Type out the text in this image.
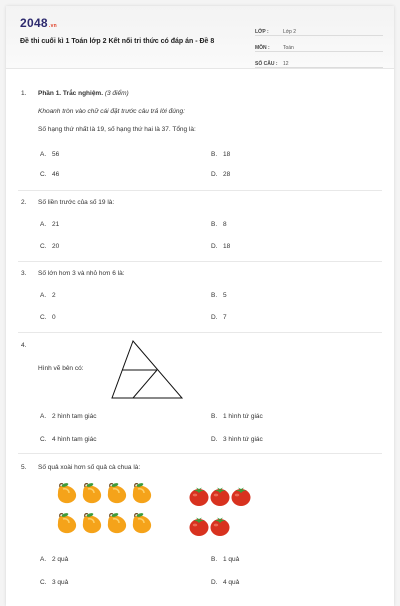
2048.vn
Đề thi cuối kì 1 Toán lớp 2 Kết nối tri thức có đáp án - Đề 8
LỚP :	Lớp 2
MÔN :	Toán
SỐ CÂU :	12
1. Phần 1. Trắc nghiệm. (3 điểm)
Khoanh tròn vào chữ cái đặt trước câu trả lời đúng:
Số hạng thứ nhất là 19, số hạng thứ hai là 37. Tổng là:
A. 56	B. 18
C. 46	D. 28
2. Số liền trước của số 19 là:
A. 21	B. 8
C. 20	D. 18
3. Số lớn hơn 3 và nhỏ hơn 6 là:
A. 2	B. 5
C. 0	D. 7
4.
Hình vẽ bên có:
A. 2 hình tam giác	B. 1 hình tứ giác
C. 4 hình tam giác	D. 3 hình tứ giác
5. Số quả xoài hơn số quả cà chua là:
A. 2 quả	B. 1 quả
C. 3 quả	D. 4 quả
